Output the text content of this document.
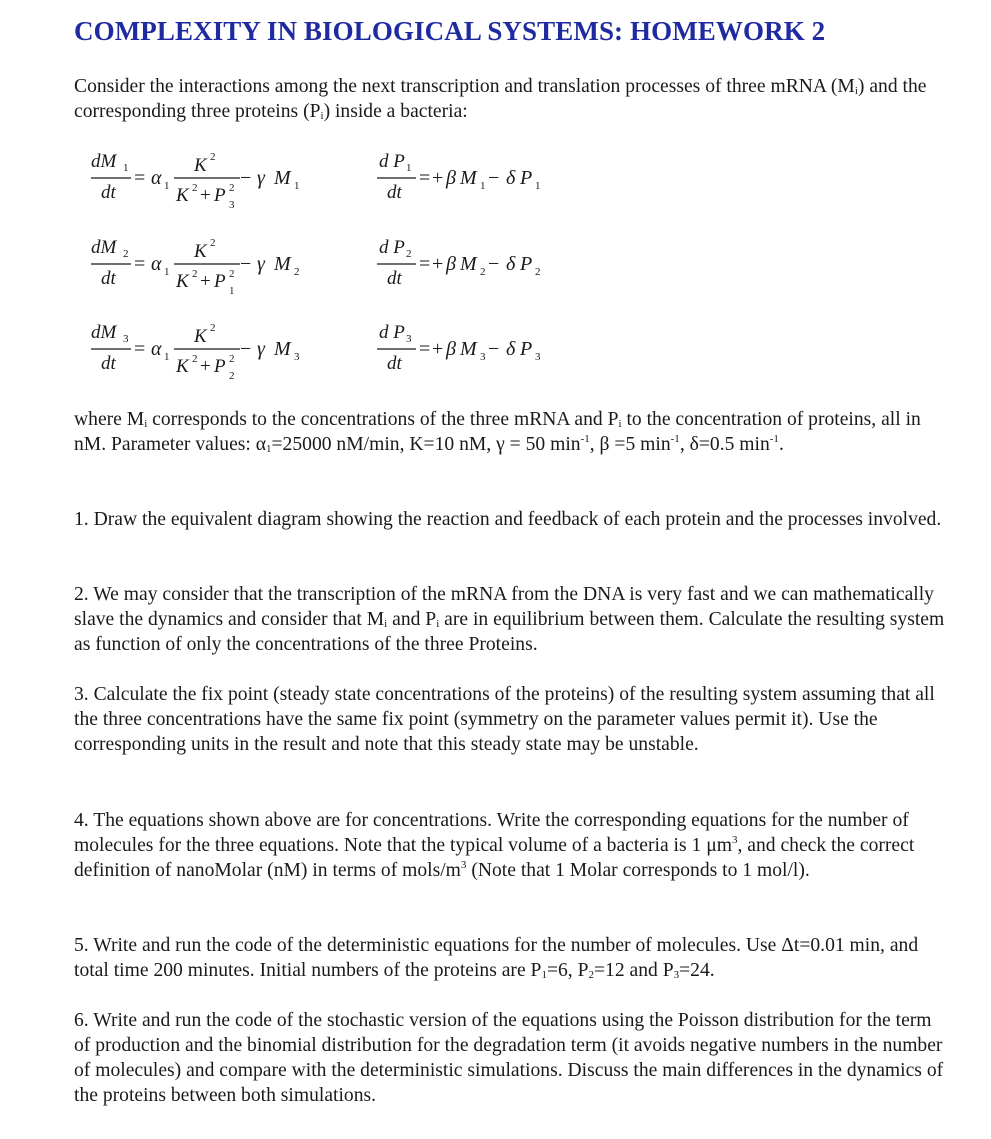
COMPLEXITY IN BIOLOGICAL SYSTEMS: HOMEWORK 2

Consider the interactions among the next transcription and translation processes of three mRNA $(M_i)$ and the corresponding three proteins $(P_i)$ inside a bacteria:

dM 1
dt
= α 1
K 2
K 2 + P 2
3
− γ M 1
d P 1
dt
= + β M 1 − δ P 1
dM 2
dt
= α 1
K 2
K 2 + P 2
1
− γ M 2
d P 2
dt
= + β M 2 − δ P 2
dM 3
dt
= α 1
K 2
K 2 + P 2
2
− γ M 3
d P 3
dt
= + β M 3 − δ P 3

where $M_i$ corresponds to the concentrations of the three mRNA and $P_i$ to the concentration of proteins, all in nM. Parameter values: $\alpha_1=25000$ nM/min, K=10 nM, γ = 50 $\min^{-1}$, β =5 $\min^{-1}$, δ=0.5 $\min^{-1}$.

1. Draw the equivalent diagram showing the reaction and feedback of each protein and the processes involved.

2. We may consider that the transcription of the mRNA from the DNA is very fast and we can mathematically slave the dynamics and consider that $M_i$ and $P_i$ are in equilibrium between them. Calculate the resulting system as function of only the concentrations of the three Proteins.

3. Calculate the fix point (steady state concentrations of the proteins) of the resulting system assuming that all the three concentrations have the same fix point (symmetry on the parameter values permit it). Use the corresponding units in the result and note that this steady state may be unstable.

4. The equations shown above are for concentrations. Write the corresponding equations for the number of molecules for the three equations. Note that the typical volume of a bacteria is 1 $\mu m^3$, and check the correct definition of nanoMolar (nM) in terms of mols/$m^3$ (Note that 1 Molar corresponds to 1 mol/l).

5. Write and run the code of the deterministic equations for the number of molecules. Use Δt=0.01 min, and total time 200 minutes. Initial numbers of the proteins are $P_1=6$, $P_2=12$ and $P_3=24$.

6. Write and run the code of the stochastic version of the equations using the Poisson distribution for the term of production and the binomial distribution for the degradation term (it avoids negative numbers in the number of molecules) and compare with the deterministic simulations. Discuss the main differences in the dynamics of the proteins between both simulations.
